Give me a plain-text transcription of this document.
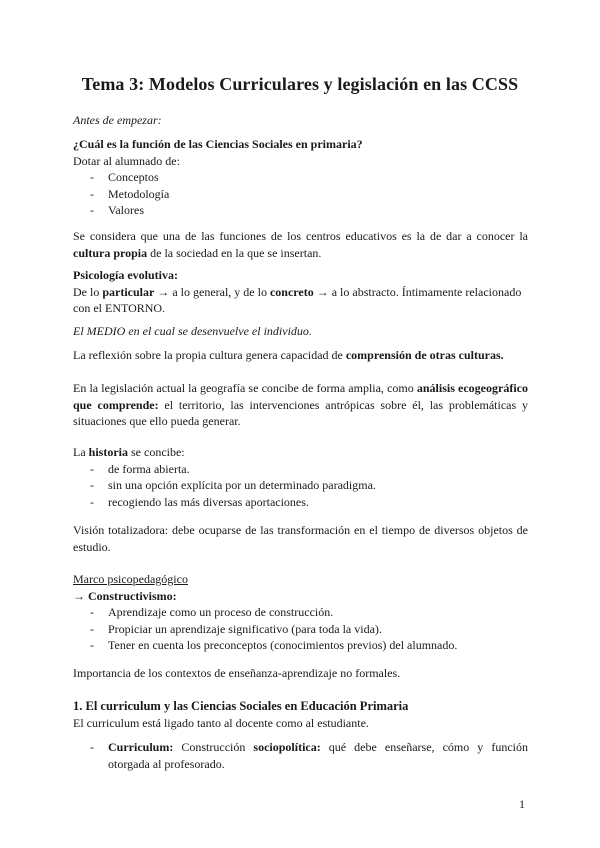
Tema 3: Modelos Curriculares y legislación en las CCSS
Antes de empezar:
¿Cuál es la función de las Ciencias Sociales en primaria?
Dotar al alumnado de:
- Conceptos
- Metodología
- Valores
Se considera que una de las funciones de los centros educativos es la de dar a conocer la cultura propia de la sociedad en la que se insertan.
Psicología evolutiva:
De lo particular → a lo general, y de lo concreto → a lo abstracto. Íntimamente relacionado con el ENTORNO.
El MEDIO en el cual se desenvuelve el individuo.
La reflexión sobre la propia cultura genera capacidad de comprensión de otras culturas.
En la legislación actual la geografía se concibe de forma amplia, como análisis ecogeográfico que comprende: el territorio, las intervenciones antrópicas sobre él, las problemáticas y situaciones que ello pueda generar.
La historia se concibe:
- de forma abierta.
- sin una opción explícita por un determinado paradigma.
- recogiendo las más diversas aportaciones.
Visión totalizadora: debe ocuparse de las transformación en el tiempo de diversos objetos de estudio.
Marco psicopedagógico
→ Constructivismo:
- Aprendizaje como un proceso de construcción.
- Propiciar un aprendizaje significativo (para toda la vida).
- Tener en cuenta los preconceptos (conocimientos previos) del alumnado.
Importancia de los contextos de enseñanza-aprendizaje no formales.
1. El curriculum y las Ciencias Sociales en Educación Primaria
El curriculum está ligado tanto al docente como al estudiante.
- Curriculum: Construcción sociopolítica: qué debe enseñarse, cómo y función otorgada al profesorado.
1
